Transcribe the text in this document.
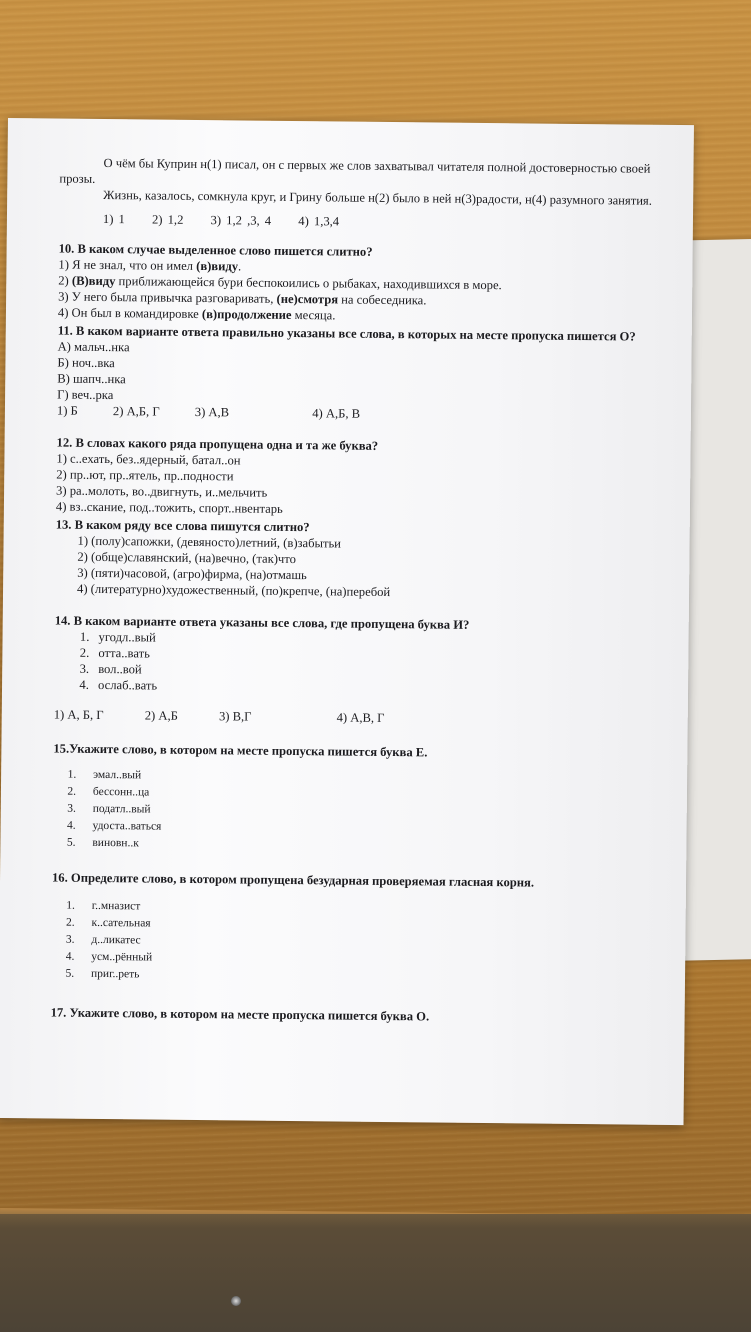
О чём бы Куприн н(1) писал, он с первых же слов захватывал читателя полной достоверностью своей прозы.

Жизнь, казалось, сомкнула круг, и Грину больше н(2) было в ней н(3)радости, н(4) разумного занятия.

1) 1 2) 1,2 3) 1,2 ,3, 4 4) 1,3,4

10. В каком случае выделенное слово пишется слитно?

1) Я не знал, что он имел (в)виду.

2) (В)виду приближающейся бури беспокоились о рыбаках, находившихся в море.

3) У него была привычка разговаривать, (не)смотря на собеседника.

4) Он был в командировке (в)продолжение месяца.

11. В каком варианте ответа правильно указаны все слова, в которых на месте пропуска пишется О?

А) мальч..нка

Б) ноч..вка

В) шапч..нка

Г) веч..рка

1) Б	2) А,Б, Г	3) А,В	4) А,Б, В

12. В словах какого ряда пропущена одна и та же буква?

1) с..ехать, без..ядерный, батал..он

2) пр..ют, пр..ятель, пр..подности

3) ра..молоть, во..двигнуть, и..мельчить

4) вз..скание, под..тожить, спорт..нвентарь

13. В каком ряду все слова пишутся слитно?

1) (полу)сапожки, (девяносто)летний, (в)забытьи

2) (обще)славянский, (на)вечно, (так)что

3) (пяти)часовой, (агро)фирма, (на)отмашь

4) (литературно)художественный, (по)крепче, (на)перебой

14. В каком варианте ответа указаны все слова, где пропущена буква И?

1. угодл..вый
2. отта..вать
3. вол..вой
4. ослаб..вать

1) А, Б, Г	2) А,Б	3) В,Г	4) А,В, Г

15.Укажите слово, в котором на месте пропуска пишется буква Е.

1. эмал..вый
2. бессонн..ца
3. податл..вый
4. удоста..ваться
5. виновн..к

16. Определите слово, в котором пропущена безударная проверяемая гласная корня.

1. г..мназист
2. к..сательная
3. д..ликатес
4. усм..рённый
5. приг..реть

17. Укажите слово, в котором на месте пропуска пишется буква О.
